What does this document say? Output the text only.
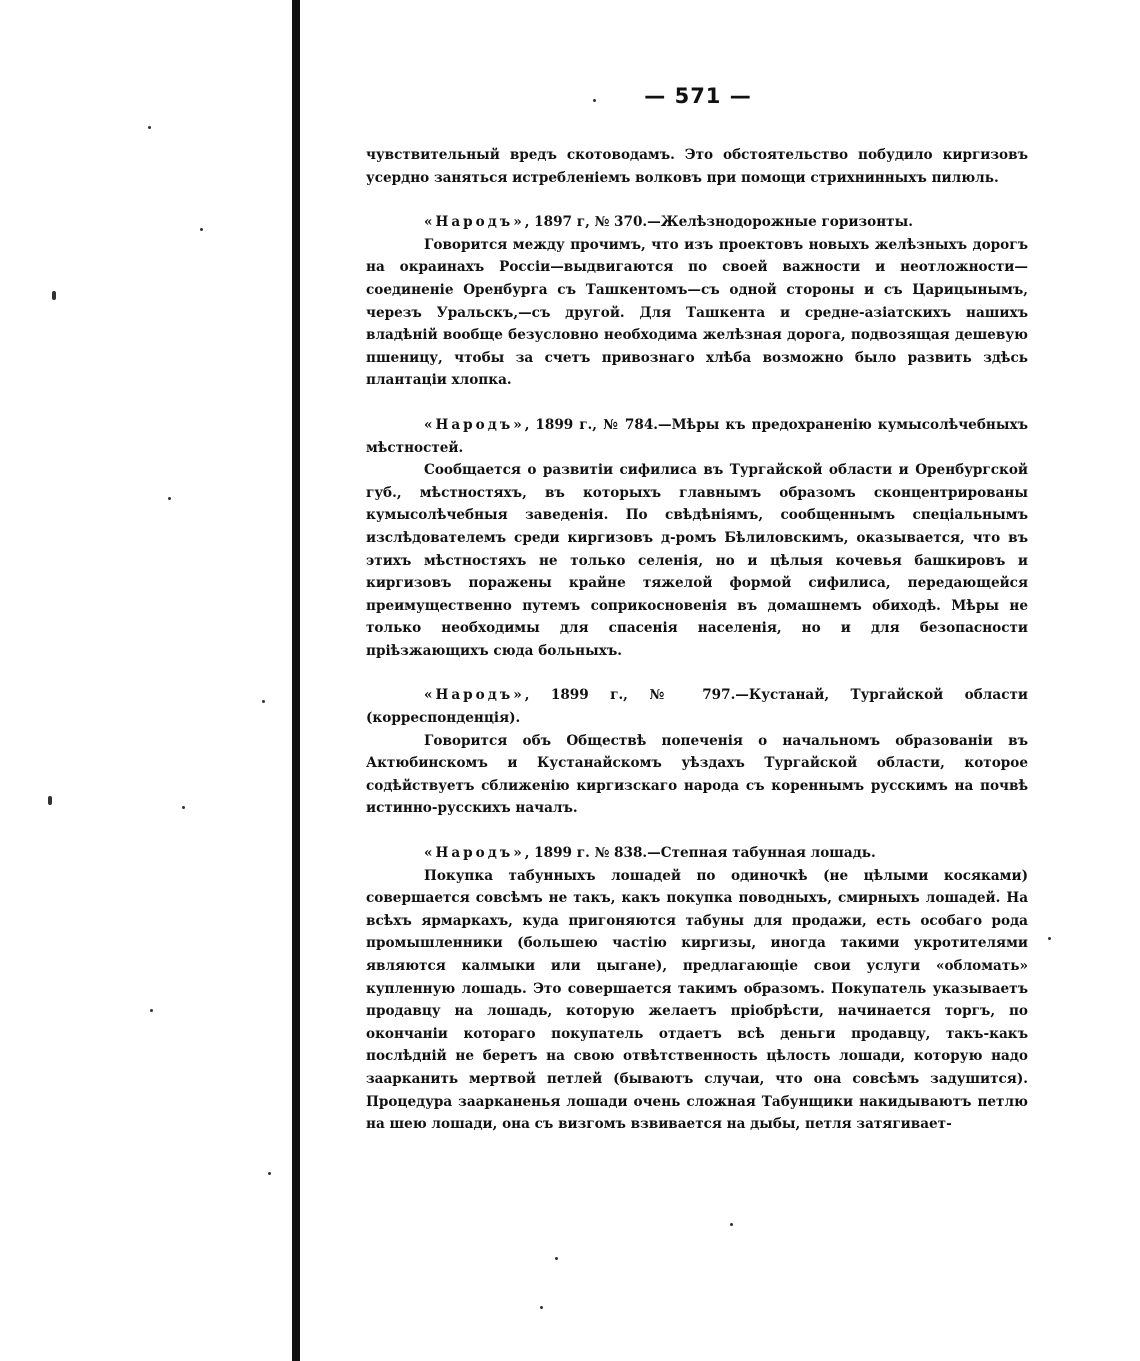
— 571 —

чувствительный вредъ скотоводамъ. Это обстоятельство побудило киргизовъ усердно заняться истребленіемъ волковъ при помощи стрихнинныхъ пилюль.

«Народъ», 1897 г, № 370.—Желѣзнодорожные горизонты.

Говорится между прочимъ, что изъ проектовъ новыхъ желѣзныхъ дорогъ на окраинахъ Россіи—выдвигаются по своей важности и неотложности—соединеніе Оренбурга съ Ташкентомъ—съ одной стороны и съ Царицынымъ, черезъ Уральскъ,—съ другой. Для Ташкента и средне-азіатскихъ нашихъ владѣній вообще безусловно необходима желѣзная дорога, подвозящая дешевую пшеницу, чтобы за счетъ привознаго хлѣба возможно было развить здѣсь плантаціи хлопка.

«Народъ», 1899 г., № 784.—Мѣры къ предохраненію кумысолѣчебныхъ мѣстностей.

Сообщается о развитіи сифилиса въ Тургайской области и Оренбургской губ., мѣстностяхъ, въ которыхъ главнымъ образомъ сконцентрированы кумысолѣчебныя заведенія. По свѣдѣніямъ, сообщеннымъ спеціальнымъ изслѣдователемъ среди киргизовъ д-ромъ Бѣлиловскимъ, оказывается, что въ этихъ мѣстностяхъ не только селенія, но и цѣлыя кочевья башкировъ и киргизовъ поражены крайне тяжелой формой сифилиса, передающейся преимущественно путемъ соприкосновенія въ домашнемъ обиходѣ. Мѣры не только необходимы для спасенія населенія, но и для безопасности пріѣзжающихъ сюда больныхъ.

«Народъ», 1899 г., № 797.—Кустанай, Тургайской области (корреспонденція).

Говорится объ Обществѣ попеченія о начальномъ образованіи въ Актюбинскомъ и Кустанайскомъ уѣздахъ Тургайской области, которое содѣйствуетъ сближенію киргизскаго народа съ кореннымъ русскимъ на почвѣ истинно-русскихъ началъ.

«Народъ», 1899 г. № 838.—Степная табунная лошадь.

Покупка табунныхъ лошадей по одиночкѣ (не цѣлыми косяками) совершается совсѣмъ не такъ, какъ покупка поводныхъ, смирныхъ лошадей. На всѣхъ ярмаркахъ, куда пригоняются табуны для продажи, есть особаго рода промышленники (большею частію киргизы, иногда такими укротителями являются калмыки или цыгане), предлагающіе свои услуги «обломать» купленную лошадь. Это совершается такимъ образомъ. Покупатель указываетъ продавцу на лошадь, которую желаетъ пріобрѣсти, начинается торгъ, по окончаніи котораго покупатель отдаетъ всѣ деньги продавцу, такъ-какъ послѣдній не беретъ на свою отвѣтственность цѣлость лошади, которую надо заарканить мертвой петлей (бываютъ случаи, что она совсѣмъ задушится). Процедура заарканенья лошади очень сложная Табунщики накидываютъ петлю на шею лошади, она съ визгомъ взвивается на дыбы, петля затягивает-
